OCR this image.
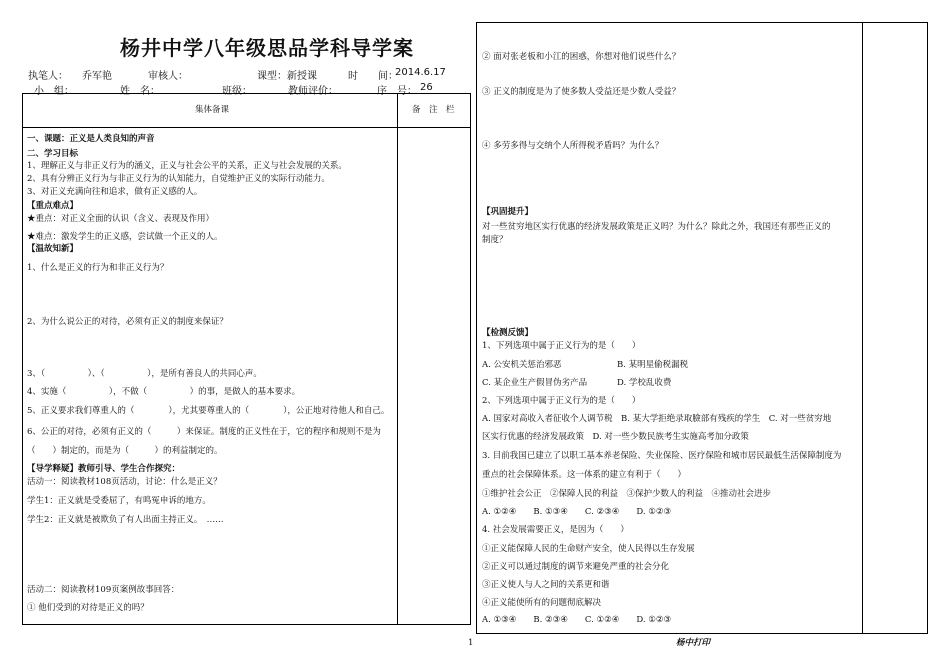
杨井中学八年级思品学科导学案
执笔人： 乔军艳	审核人：	课型：新授课	时　　间：
2014.6.17
小　组：	姓　名：	班级：	教师评价：	序　号： 26
集体备课	备　注　栏
一、课题：正义是人类良知的声音
二、学习目标
1、理解正义与非正义行为的涵义，正义与社会公平的关系，正义与社会发展的关系。
2、具有分辨正义行为与非正义行为的认知能力，自觉维护正义的实际行动能力。
3、对正义充满向往和追求，做有正义感的人。
【重点难点】
★重点：对正义全面的认识（含义、表现及作用）
★难点：激发学生的正义感，尝试做一个正义的人。
【温故知新】
1、什么是正义的行为和非正义行为？
2、为什么说公正的对待，必须有正义的制度来保证？
3、（　　　　　）、（　　　　　），是所有善良人的共同心声。
4、实施（　　　　　），不做（　　　　　）的事，是做人的基本要求。
5、正义要求我们尊重人的（　　　　），尤其要尊重人的（　　　　），公正地对待他人和自己。
6、公正的对待，必须有正义的（　　　）来保证。制度的正义性在于，它的程序和规则不是为（　　）制定的，而是为（　　　）的利益制定的。
【导学释疑】教师引导、学生合作探究：
活动一：阅读教材108页活动，讨论：什么是正义？
学生1：正义就是受委屈了，有鸣冤申诉的地方。
学生2：正义就是被欺负了有人出面主持正义。　……
活动二：阅读教材109页案例故事回答：
① 他们受到的对待是正义的吗？
② 面对张老板和小江的困惑，你想对他们说些什么？
③ 正义的制度是为了使多数人受益还是少数人受益？
④ 多劳多得与交纳个人所得税矛盾吗？为什么？
【巩固提升】
对一些贫穷地区实行优惠的经济发展政策是正义吗？为什么？除此之外，我国还有那些正义的
制度？
【检测反馈】
1、下列选项中属于正义行为的是（　　）
A. 公安机关惩治邪恶	B. 某明星偷税漏税
C. 某企业生产假冒伪劣产品	D. 学校乱收费
2、下列选项中属于正义行为的是（　　）
A. 国家对高收入者征收个人调节税　B. 某大学拒绝录取臉部有残疾的学生　C. 对一些贫穷地
区实行优惠的经济发展政策　D. 对一些少数民族考生实施高考加分政策
3. 目前我国已建立了以职工基本养老保险、失业保险、医疗保险和城市居民最低生活保障制度为
重点的社会保障体系。这一体系的建立有利于（　　）
①维护社会公正　②保障人民的利益　③保护少数人的利益　④推动社会进步
A. ①②④　　B. ①③④　　C. ②③④　　D. ①②③
4. 社会发展需要正义，是因为（　　）
①正义能保障人民的生命财产安全，使人民得以生存发展
②正义可以通过制度的调节来避免严重的社会分化
③正义使人与人之间的关系更和谐
④正义能使所有的问题彻底解决
A. ①③④　　B. ②③④　　C. ①②④　　D. ①②③
1	杨中打印
